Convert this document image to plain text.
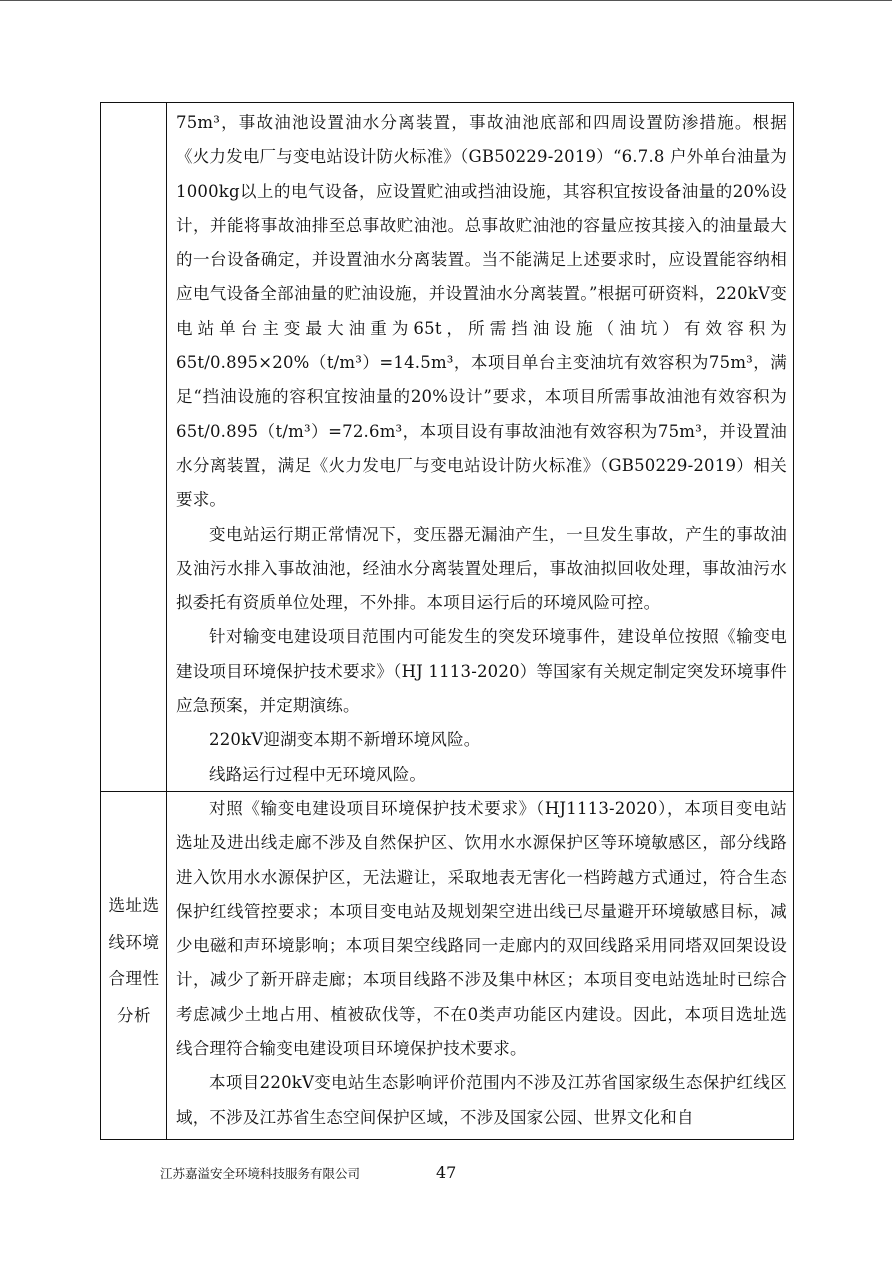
选址选
线环境
合理性
分析

75m³，事故油池设置油水分离装置，事故油池底部和四周设置防渗措施。根据《火力发电厂与变电站设计防火标准》（GB50229-2019）“6.7.8 户外单台油量为1000kg以上的电气设备，应设置贮油或挡油设施，其容积宜按设备油量的20%设计，并能将事故油排至总事故贮油池。总事故贮油池的容量应按其接入的油量最大的一台设备确定，并设置油水分离装置。当不能满足上述要求时，应设置能容纳相应电气设备全部油量的贮油设施，并设置油水分离装置。”根据可研资料，220kV变电站单台主变最大油重为65t，所需挡油设施（油坑）有效容积为65t/0.895×20%（t/m³）=14.5m³，本项目单台主变油坑有效容积为75m³，满足“挡油设施的容积宜按油量的20%设计”要求，本项目所需事故油池有效容积为65t/0.895（t/m³）=72.6m³，本项目设有事故油池有效容积为75m³，并设置油水分离装置，满足《火力发电厂与变电站设计防火标准》（GB50229-2019）相关要求。

变电站运行期正常情况下，变压器无漏油产生，一旦发生事故，产生的事故油及油污水排入事故油池，经油水分离装置处理后，事故油拟回收处理，事故油污水拟委托有资质单位处理，不外排。本项目运行后的环境风险可控。

针对输变电建设项目范围内可能发生的突发环境事件，建设单位按照《输变电建设项目环境保护技术要求》（HJ 1113-2020）等国家有关规定制定突发环境事件应急预案，并定期演练。

220kV迎湖变本期不新增环境风险。

线路运行过程中无环境风险。

对照《输变电建设项目环境保护技术要求》（HJ1113-2020），本项目变电站选址及进出线走廊不涉及自然保护区、饮用水水源保护区等环境敏感区，部分线路进入饮用水水源保护区，无法避让，采取地表无害化一档跨越方式通过，符合生态保护红线管控要求；本项目变电站及规划架空进出线已尽量避开环境敏感目标，减少电磁和声环境影响；本项目架空线路同一走廊内的双回线路采用同塔双回架设设计，减少了新开辟走廊；本项目线路不涉及集中林区；本项目变电站选址时已综合考虑减少土地占用、植被砍伐等，不在0类声功能区内建设。因此，本项目选址选线合理符合输变电建设项目环境保护技术要求。

本项目220kV变电站生态影响评价范围内不涉及江苏省国家级生态保护红线区域，不涉及江苏省生态空间保护区域，不涉及国家公园、世界文化和自

江苏嘉溢安全环境科技服务有限公司	47
